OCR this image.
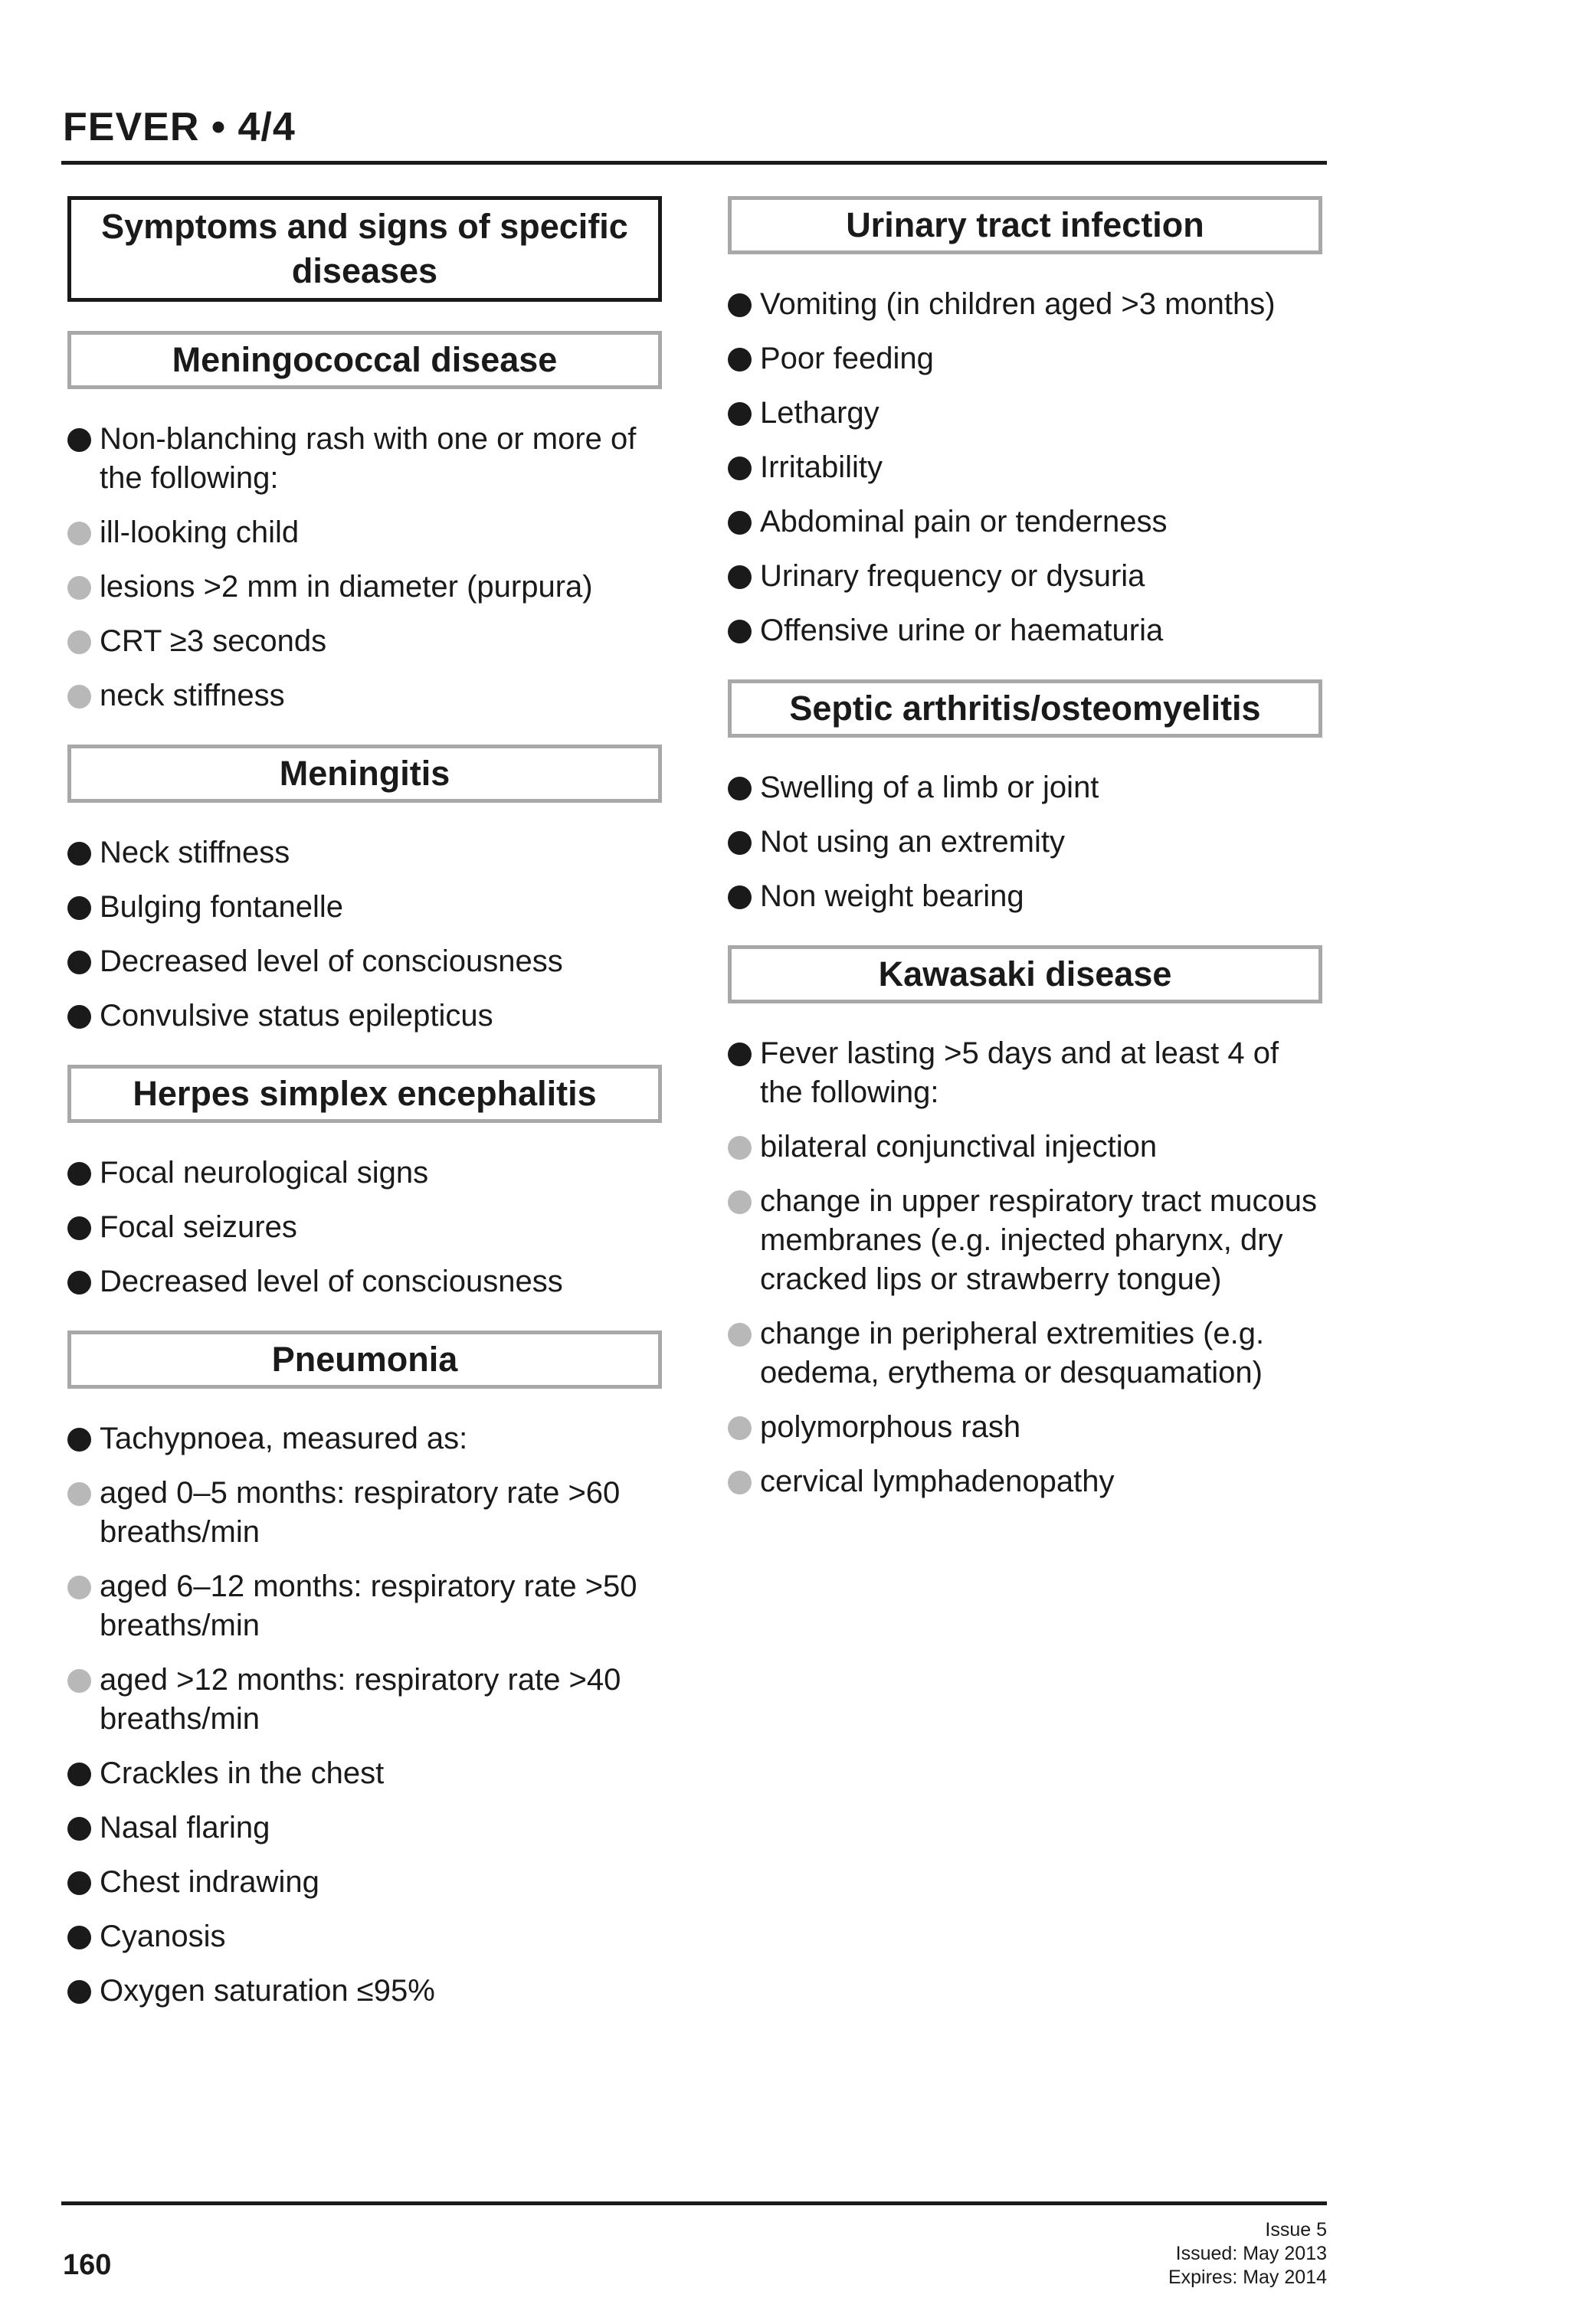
FEVER • 4/4
Symptoms and signs of specific diseases
Meningococcal disease
Non-blanching rash with one or more of the following:
ill-looking child
lesions >2 mm in diameter (purpura)
CRT ≥3 seconds
neck stiffness
Meningitis
Neck stiffness
Bulging fontanelle
Decreased level of consciousness
Convulsive status epilepticus
Herpes simplex encephalitis
Focal neurological signs
Focal seizures
Decreased level of consciousness
Pneumonia
Tachypnoea, measured as:
aged 0–5 months: respiratory rate >60 breaths/min
aged 6–12 months: respiratory rate >50 breaths/min
aged >12 months: respiratory rate >40 breaths/min
Crackles in the chest
Nasal flaring
Chest indrawing
Cyanosis
Oxygen saturation ≤95%
Urinary tract infection
Vomiting (in children aged >3 months)
Poor feeding
Lethargy
Irritability
Abdominal pain or tenderness
Urinary frequency or dysuria
Offensive urine or haematuria
Septic arthritis/osteomyelitis
Swelling of a limb or joint
Not using an extremity
Non weight bearing
Kawasaki disease
Fever lasting >5 days and at least 4 of the following:
bilateral conjunctival injection
change in upper respiratory tract mucous membranes (e.g. injected pharynx, dry cracked lips or strawberry tongue)
change in peripheral extremities (e.g. oedema, erythema or desquamation)
polymorphous rash
cervical lymphadenopathy
160
Issue 5
Issued: May 2013
Expires: May 2014
